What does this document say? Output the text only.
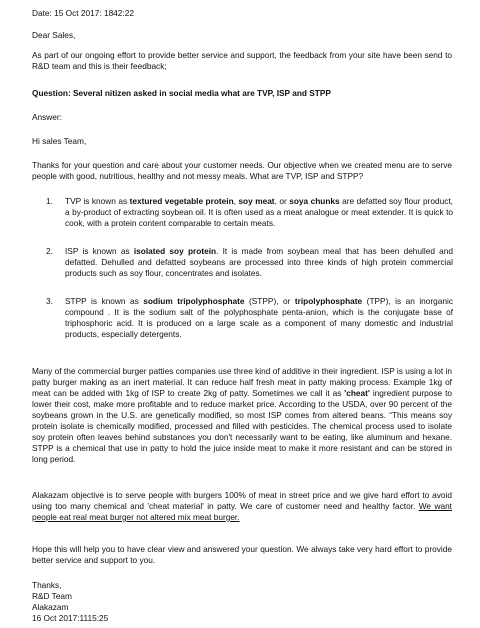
Date: 15 Oct 2017: 1842:22
Dear Sales,
As part of our ongoing effort to provide better service and support, the feedback from your site have been send to R&D team and this is their feedback;
Question: Several nitizen asked in social media what are TVP, ISP and STPP
Answer:
Hi sales Team,
Thanks for your question and care about your customer needs. Our objective when we created menu are to serve people with good, nutritious, healthy and not messy meals. What are TVP, ISP and STPP?
1.	TVP is known as textured vegetable protein, soy meat, or soya chunks are defatted soy flour product, a by-product of extracting soybean oil. It is often used as a meat analogue or meat extender. It is quick to cook, with a protein content comparable to certain meats.
2.	ISP is known as isolated soy protein. It is made from soybean meal that has been dehulled and defatted. Dehulled and defatted soybeans are processed into three kinds of high protein commercial products such as soy flour, concentrates and isolates.
3.	STPP is known as sodium tripolyphosphate (STPP), or tripolyphosphate (TPP), is an inorganic compound . It is the sodium salt of the polyphosphate penta-anion, which is the conjugate base of triphosphoric acid. It is produced on a large scale as a component of many domestic and industrial products, especially detergents.
Many of the commercial burger patties companies use three kind of additive in their ingredient. ISP is using a lot in patty burger making as an inert material. It can reduce half fresh meat in patty making process. Example 1kg of meat can be added with 1kg of ISP to create 2kg of patty. Sometimes we call it as 'cheat' ingredient purpose to lower their cost, make more profitable and to reduce market price. According to the USDA, over 90 percent of the soybeans grown in the U.S. are genetically modified, so most ISP comes from altered beans. “This means soy protein isolate is chemically modified, processed and filled with pesticides. The chemical process used to isolate soy protein often leaves behind substances you don't necessarily want to be eating, like aluminum and hexane. STPP is a chemical that use in patty to hold the juice inside meat to make it more resistant and can be stored in long period.
Alakazam objective is to serve people with burgers 100% of meat in street price and we give hard effort to avoid using too many chemical and 'cheat material' in patty. We care of customer need and healthy factor. We want people eat real meat burger not altered mix meat burger.
Hope this will help you to have clear view and answered your question. We always take very hard effort to provide better service and support to you.
Thanks,
R&D Team
Alakazam
16 Oct 2017:1115:25
